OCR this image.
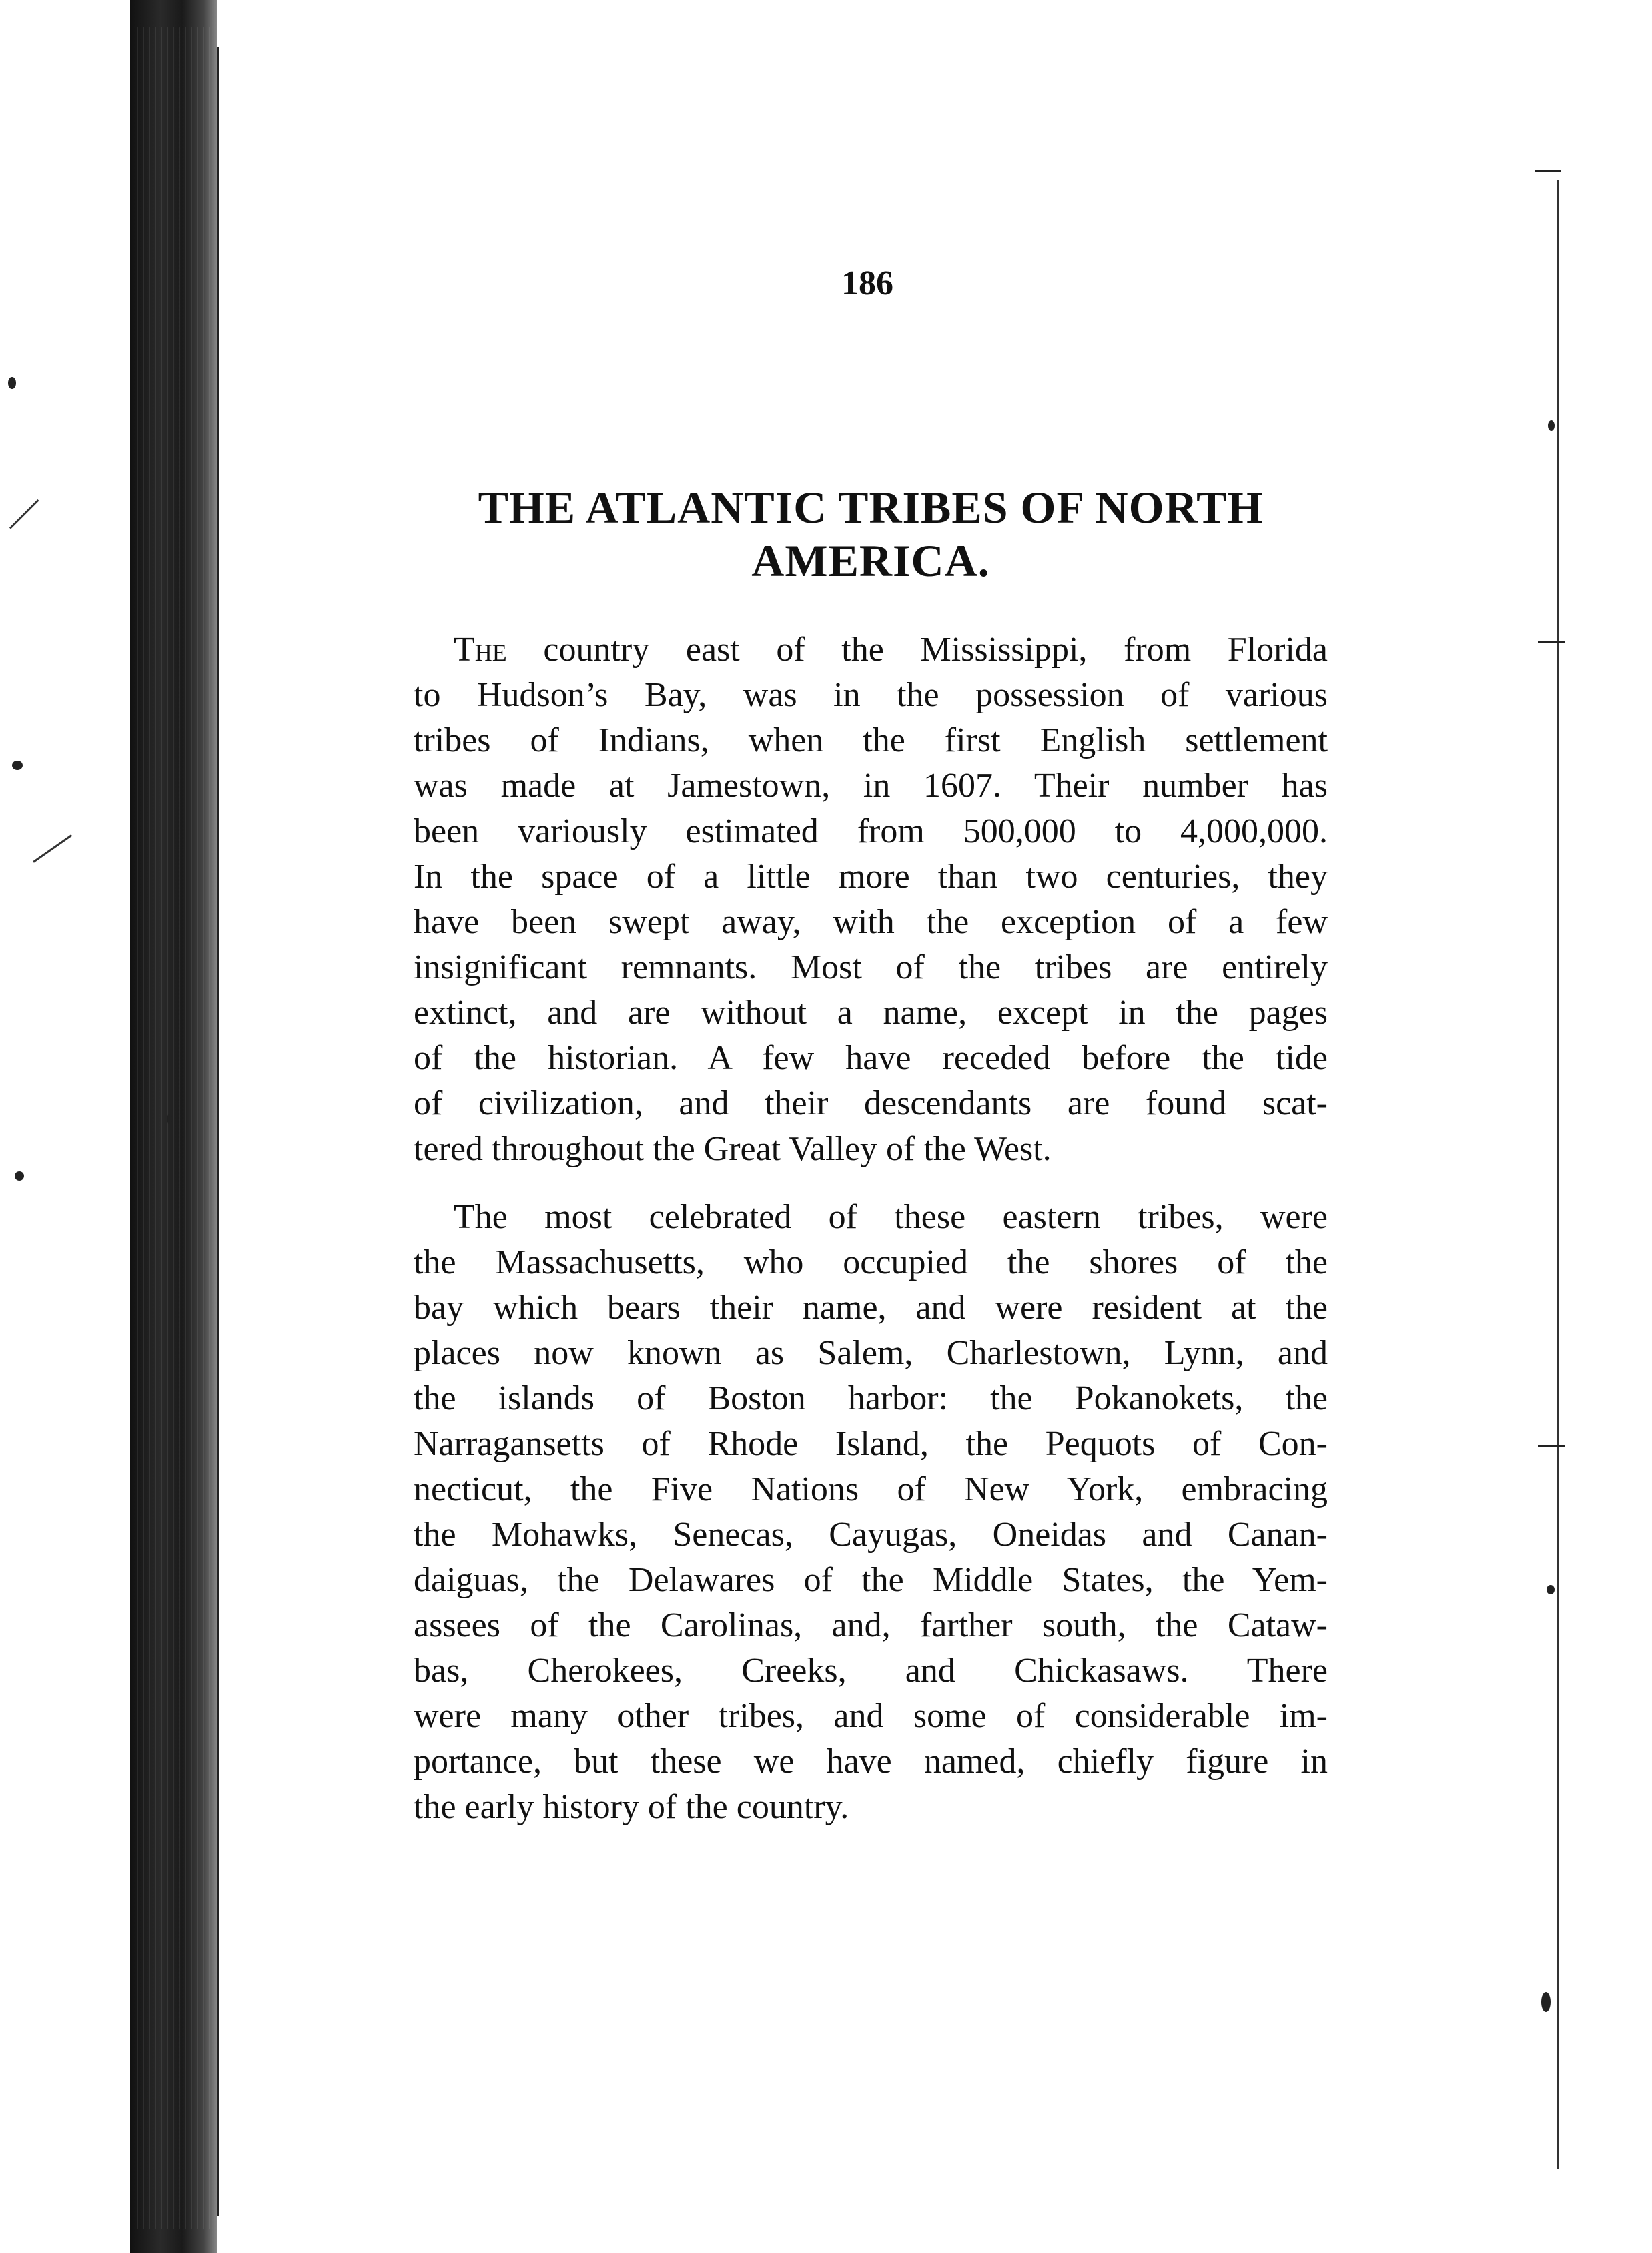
186
THE ATLANTIC TRIBES OF NORTH
AMERICA.
The country east of the Mississippi, from Florida
to Hudson’s Bay, was in the possession of various
tribes of Indians, when the first English settlement
was made at Jamestown, in 1607. Their number has
been variously estimated from 500,000 to 4,000,000.
In the space of a little more than two centuries, they
have been swept away, with the exception of a few
insignificant remnants. Most of the tribes are entirely
extinct, and are without a name, except in the pages
of the historian. A few have receded before the tide
of civilization, and their descendants are found scat-
tered throughout the Great Valley of the West.
The most celebrated of these eastern tribes, were
the Massachusetts, who occupied the shores of the
bay which bears their name, and were resident at the
places now known as Salem, Charlestown, Lynn, and
the islands of Boston harbor: the Pokanokets, the
Narragansetts of Rhode Island, the Pequots of Con-
necticut, the Five Nations of New York, embracing
the Mohawks, Senecas, Cayugas, Oneidas and Canan-
daiguas, the Delawares of the Middle States, the Yem-
assees of the Carolinas, and, farther south, the Cataw-
bas, Cherokees, Creeks, and Chickasaws. There
were many other tribes, and some of considerable im-
portance, but these we have named, chiefly figure in
the early history of the country.
